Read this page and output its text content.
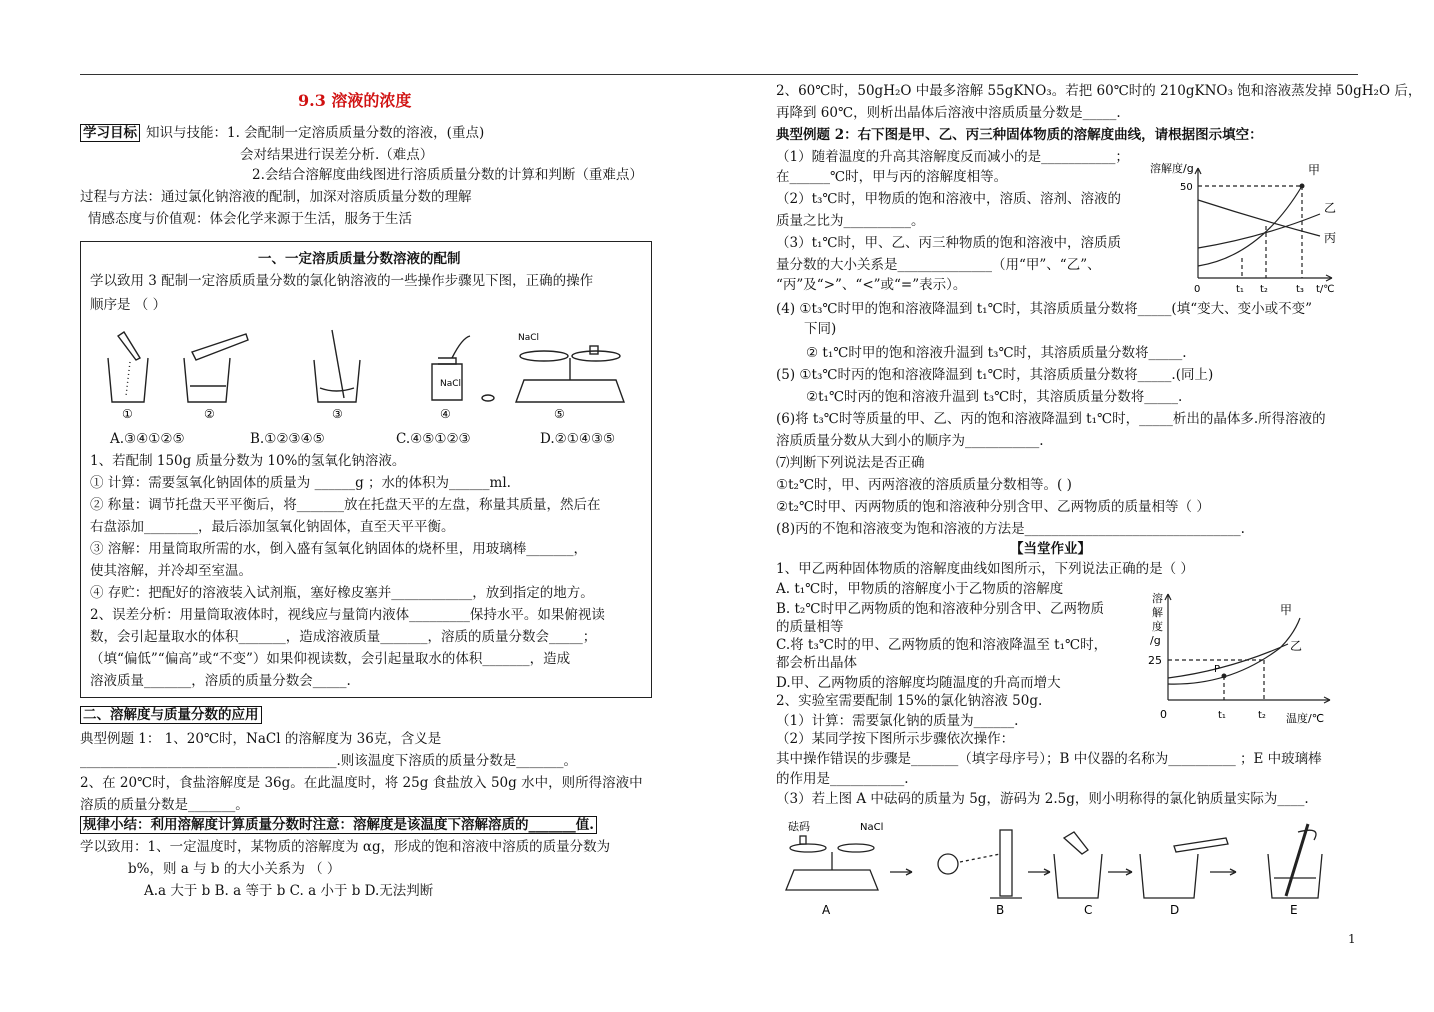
9.3 溶液的浓度
学习目标 知识与技能：1. 会配制一定溶质质量分数的溶液，(重点)
会对结果进行误差分析.（难点）
2.会结合溶解度曲线图进行溶质质量分数的计算和判断（重难点）
过程与方法：通过氯化钠溶液的配制，加深对溶质质量分数的理解
情感态度与价值观：体会化学来源于生活，服务于生活
一、一定溶质质量分数溶液的配制
学以致用 3 配制一定溶质质量分数的氯化钠溶液的一些操作步骤见下图，正确的操作
顺序是 （ ）
NaCl
NaCl
①	②	③	④	⑤
A.③④①②⑤	B.①②③④⑤	C.④⑤①②③	D.②①④③⑤
1、若配制 150g 质量分数为 10%的氢氧化钠溶液。
① 计算：需要氢氧化钠固体的质量为 ______g ；水的体积为______ml.
② 称量：调节托盘天平平衡后，将_______放在托盘天平的左盘，称量其质量，然后在
右盘添加________，最后添加氢氧化钠固体，直至天平平衡。
③ 溶解：用量筒取所需的水，倒入盛有氢氧化钠固体的烧杯里，用玻璃棒_______，
使其溶解，并冷却至室温。
④ 存贮：把配好的溶液装入试剂瓶，塞好橡皮塞并____________，放到指定的地方。
2、误差分析：用量筒取液体时，视线应与量筒内液体_________保持水平。如果俯视读
数，会引起量取水的体积_______，造成溶液质量_______，溶质的质量分数会_____；
（填“偏低”“偏高”或“不变”）如果仰视读数，会引起量取水的体积_______，造成
溶液质量_______，溶质的质量分数会_____.
二、溶解度与质量分数的应用
典型例题 1： 1、20℃时，NaCl 的溶解度为 36克，含义是
______________________________________.则该温度下溶质的质量分数是_______。
2、在 20℃时，食盐溶解度是 36g。在此温度时，将 25g 食盐放入 50g 水中，则所得溶液中
溶质的质量分数是_______。
规律小结：利用溶解度计算质量分数时注意：溶解度是该温度下溶解溶质的_______值.
学以致用：1、一定温度时，某物质的溶解度为 αg，形成的饱和溶液中溶质的质量分数为
b%，则 a 与 b 的大小关系为 （ ）
A.a 大于 b B. a 等于 b C. a 小于 b D.无法判断
2、60℃时，50gH₂O 中最多溶解 55gKNO₃。若把 60℃时的 210gKNO₃ 饱和溶液蒸发掉 50gH₂O 后，
再降到 60℃，则析出晶体后溶液中溶质质量分数是_____.
典型例题 2：右下图是甲、乙、丙三种固体物质的溶解度曲线，请根据图示填空：
（1）随着温度的升高其溶解度反而减小的是___________；
在______℃时，甲与丙的溶解度相等。
（2）t₃℃时，甲物质的饱和溶液中，溶质、溶剂、溶液的
质量之比为__________。
（3）t₁℃时，甲、乙、丙三种物质的饱和溶液中，溶质质
量分数的大小关系是______________（用“甲”、“乙”、
“丙”及“>”、“<”或“=”表示）。
溶解度/g
50
0	t₁ t₂	t₃ t/℃
甲
乙
丙
(4) ①t₃℃时甲的饱和溶液降温到 t₁℃时，其溶质质量分数将_____(填“变大、变小或不变”
下同)
② t₁℃时甲的饱和溶液升温到 t₃℃时，其溶质质量分数将_____.
(5) ①t₃℃时丙的饱和溶液降温到 t₁℃时，其溶质质量分数将_____.(同上)
②t₁℃时丙的饱和溶液升温到 t₃℃时，其溶质质量分数将_____.
(6)将 t₃℃时等质量的甲、乙、丙的饱和溶液降温到 t₁℃时，_____析出的晶体多.所得溶液的
溶质质量分数从大到小的顺序为___________.
⑺判断下列说法是否正确
①t₂℃时，甲、丙两溶液的溶质质量分数相等。( )
②t₂℃时甲、丙两物质的饱和溶液种分别含甲、乙两物质的质量相等（ ）
(8)丙的不饱和溶液变为饱和溶液的方法是________________________________.
【当堂作业】
1、甲乙两种固体物质的溶解度曲线如图所示，下列说法正确的是（ ）
A. t₁℃时，甲物质的溶解度小于乙物质的溶解度
B. t₂℃时甲乙两物质的饱和溶液种分别含甲、乙两物质
的质量相等
C.将 t₃℃时的甲、乙两物质的饱和溶液降温至 t₁℃时，
都会析出晶体
D.甲、乙两物质的溶解度均随温度的升高而增大
2、实验室需要配制 15%的氯化钠溶液 50g.
（1）计算：需要氯化钠的质量为______.
（2）某同学按下图所示步骤依次操作：
其中操作错误的步骤是_______（填字母序号）；B 中仪器的名称为__________ ；E 中玻璃棒
的作用是___________.
（3）若上图 A 中砝码的质量为 5g，游码为 2.5g，则小明称得的氯化钠质量实际为____.
溶
解
度
/g
25
P
0	t₁	t₂ 温度/℃
甲
乙
砝码	NaCl
A	B	C	D	E
1
